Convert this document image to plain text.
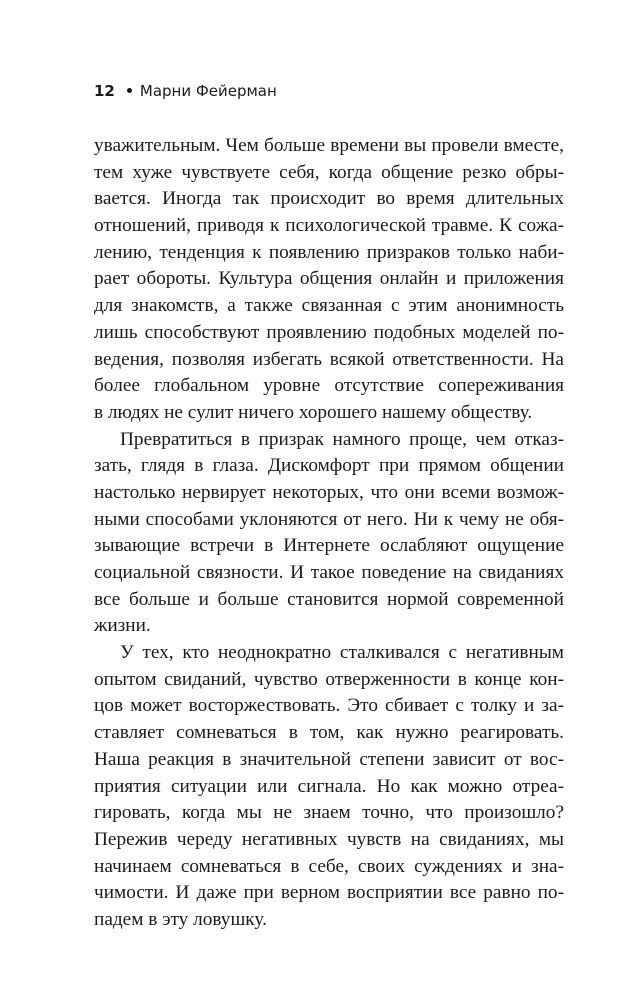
12 Марни Фейерман
уважительным. Чем больше времени вы провели вместе,
тем хуже чувствуете себя, когда общение резко обры-
вается. Иногда так происходит во время длительных
отношений, приводя к психологической травме. К сожа-
лению, тенденция к появлению призраков только наби-
рает обороты. Культура общения онлайн и приложения
для знакомств, а также связанная с этим анонимность
лишь способствуют проявлению подобных моделей по-
ведения, позволяя избегать всякой ответственности. На
более глобальном уровне отсутствие сопереживания
в людях не сулит ничего хорошего нашему обществу.
Превратиться в призрак намного проще, чем отказ-
зать, глядя в глаза. Дискомфорт при прямом общении
настолько нервирует некоторых, что они всеми возмож-
ными способами уклоняются от него. Ни к чему не обя-
зывающие встречи в Интернете ослабляют ощущение
социальной связности. И такое поведение на свиданиях
все больше и больше становится нормой современной
жизни.
У тех, кто неоднократно сталкивался с негативным
опытом свиданий, чувство отверженности в конце кон-
цов может восторжествовать. Это сбивает с толку и за-
ставляет сомневаться в том, как нужно реагировать.
Наша реакция в значительной степени зависит от вос-
приятия ситуации или сигнала. Но как можно отреа-
гировать, когда мы не знаем точно, что произошло?
Пережив череду негативных чувств на свиданиях, мы
начинаем сомневаться в себе, своих суждениях и зна-
чимости. И даже при верном восприятии все равно по-
падем в эту ловушку.
